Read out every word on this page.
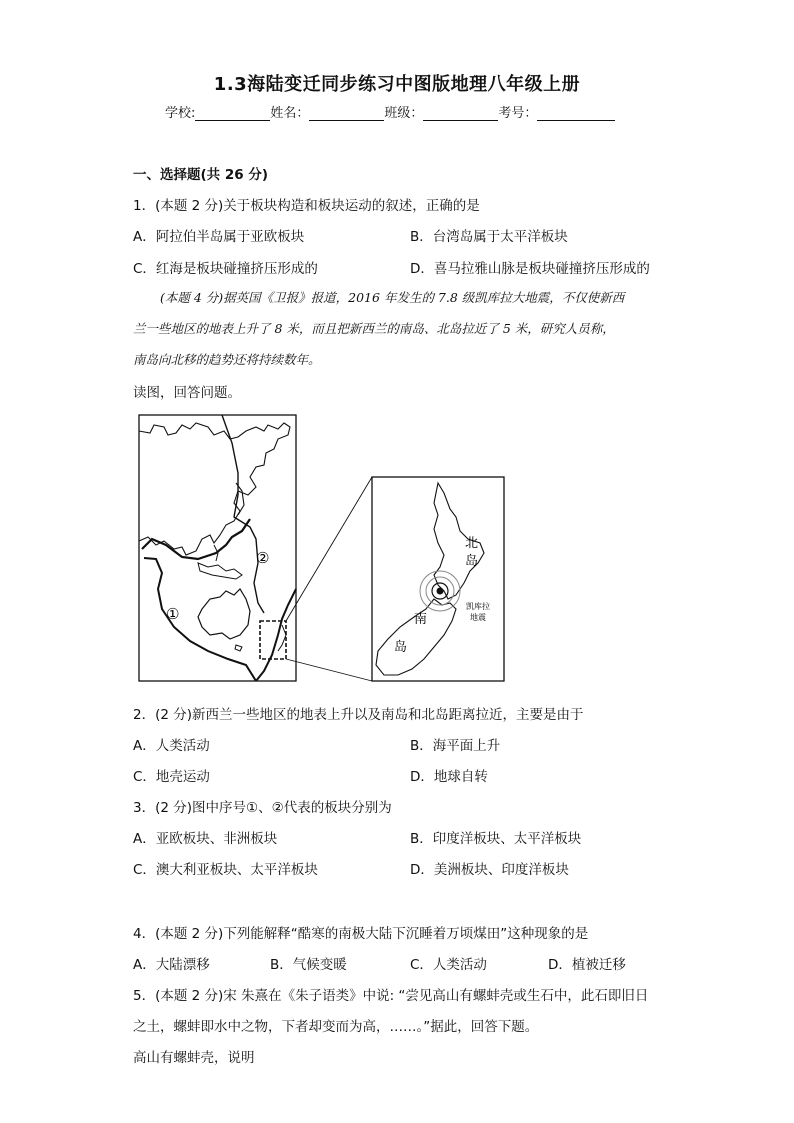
1.3海陆变迁同步练习中图版地理八年级上册
学校:	姓名：	班级：	考号：
一、选择题(共 26 分)
1．(本题 2 分)关于板块构造和板块运动的叙述，正确的是
A．阿拉伯半岛属于亚欧板块	B．台湾岛属于太平洋板块
C．红海是板块碰撞挤压形成的	D．喜马拉雅山脉是板块碰撞挤压形成的
(本题 4 分)据英国《卫报》报道，2016 年发生的 7.8 级凯库拉大地震，不仅使新西
兰一些地区的地表上升了 8 米，而且把新西兰的南岛、北岛拉近了 5 米，研究人员称，
南岛向北移的趋势还将持续数年。
读图，回答问题。
①
②
北
岛
南
岛
凯库拉
地震
2．(2 分)新西兰一些地区的地表上升以及南岛和北岛距离拉近，主要是由于
A．人类活动	B．海平面上升
C．地壳运动	D．地球自转
3．(2 分)图中序号①、②代表的板块分别为
A．亚欧板块、非洲板块	B．印度洋板块、太平洋板块
C．澳大利亚板块、太平洋板块	D．美洲板块、印度洋板块
4．(本题 2 分)下列能解释“酷寒的南极大陆下沉睡着万顷煤田”这种现象的是
A．大陆漂移	B．气候变暖	C．人类活动	D．植被迁移
5．(本题 2 分)宋 朱熹在《朱子语类》中说: “尝见高山有螺蚌壳或生石中，此石即旧日
之土，螺蚌即水中之物，下者却变而为高，……。”据此，回答下题。
高山有螺蚌壳，说明
